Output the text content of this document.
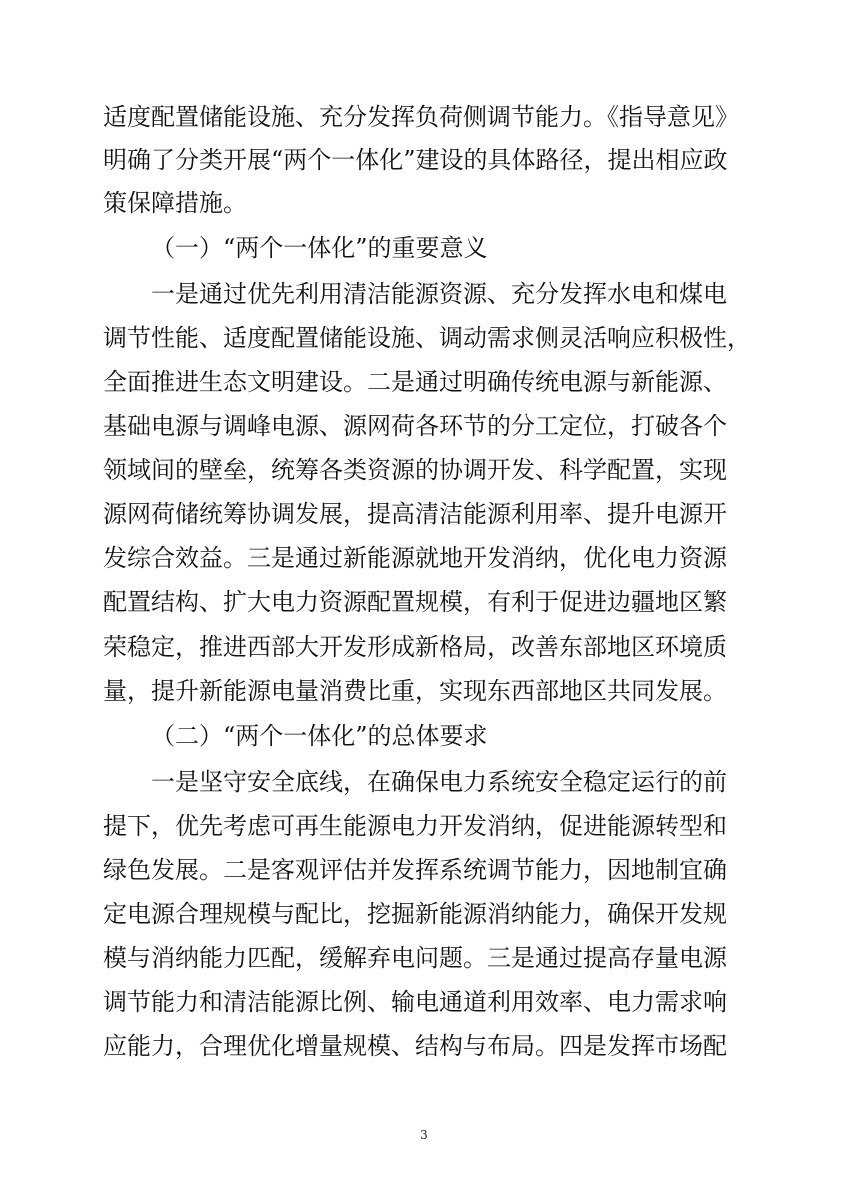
适度配置储能设施、充分发挥负荷侧调节能力。《指导意见》
明确了分类开展“两个一体化”建设的具体路径，提出相应政
策保障措施。
（一）“两个一体化”的重要意义
一是通过优先利用清洁能源资源、充分发挥水电和煤电
调节性能、适度配置储能设施、调动需求侧灵活响应积极性，
全面推进生态文明建设。二是通过明确传统电源与新能源、
基础电源与调峰电源、源网荷各环节的分工定位，打破各个
领域间的壁垒，统筹各类资源的协调开发、科学配置，实现
源网荷储统筹协调发展，提高清洁能源利用率、提升电源开
发综合效益。三是通过新能源就地开发消纳，优化电力资源
配置结构、扩大电力资源配置规模，有利于促进边疆地区繁
荣稳定，推进西部大开发形成新格局，改善东部地区环境质
量，提升新能源电量消费比重，实现东西部地区共同发展。
（二）“两个一体化”的总体要求
一是坚守安全底线，在确保电力系统安全稳定运行的前
提下，优先考虑可再生能源电力开发消纳，促进能源转型和
绿色发展。二是客观评估并发挥系统调节能力，因地制宜确
定电源合理规模与配比，挖掘新能源消纳能力，确保开发规
模与消纳能力匹配，缓解弃电问题。三是通过提高存量电源
调节能力和清洁能源比例、输电通道利用效率、电力需求响
应能力，合理优化增量规模、结构与布局。四是发挥市场配
3
